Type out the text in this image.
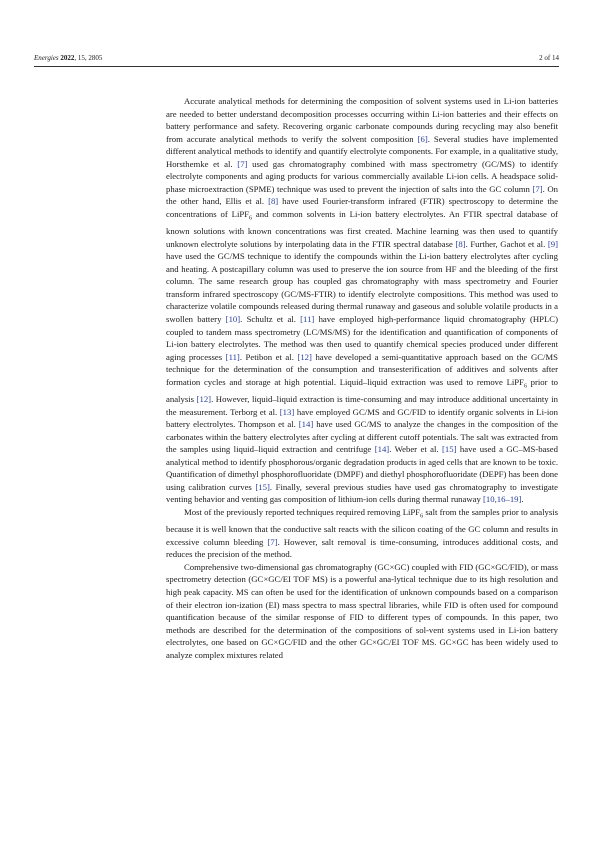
Energies 2022, 15, 2805	2 of 14

Accurate analytical methods for determining the composition of solvent systems used in Li-ion batteries are needed to better understand decomposition processes occurring within Li-ion batteries and their effects on battery performance and safety. Recovering organic carbonate compounds during recycling may also benefit from accurate analytical methods to verify the solvent composition [6]. Several studies have implemented different analytical methods to identify and quantify electrolyte components. For example, in a qualitative study, Horsthemke et al. [7] used gas chromatography combined with mass spectrometry (GC/MS) to identify electrolyte components and aging products for various commercially available Li-ion cells. A headspace solid-phase microextraction (SPME) technique was used to prevent the injection of salts into the GC column [7]. On the other hand, Ellis et al. [8] have used Fourier-transform infrared (FTIR) spectroscopy to determine the concentrations of LiPF$_6$ and common solvents in Li-ion battery electrolytes. An FTIR spectral database of known solutions with known concentrations was first created. Machine learning was then used to quantify unknown electrolyte solutions by interpolating data in the FTIR spectral database [8]. Further, Gachot et al. [9] have used the GC/MS technique to identify the compounds within the Li-ion battery electrolytes after cycling and heating. A postcapillary column was used to preserve the ion source from HF and the bleeding of the first column. The same research group has coupled gas chromatography with mass spectrometry and Fourier transform infrared spectroscopy (GC/MS-FTIR) to identify electrolyte compositions. This method was used to characterize volatile compounds released during thermal runaway and gaseous and soluble volatile products in a swollen battery [10]. Schultz et al. [11] have employed high-performance liquid chromatography (HPLC) coupled to tandem mass spectrometry (LC/MS/MS) for the identification and quantification of components of Li-ion battery electrolytes. The method was then used to quantify chemical species produced under different aging processes [11]. Petibon et al. [12] have developed a semi-quantitative approach based on the GC/MS technique for the determination of the consumption and transesterification of additives and solvents after formation cycles and storage at high potential. Liquid–liquid extraction was used to remove LiPF$_6$ prior to analysis [12]. However, liquid–liquid extraction is time-consuming and may introduce additional uncertainty in the measurement. Terborg et al. [13] have employed GC/MS and GC/FID to identify organic solvents in Li-ion battery electrolytes. Thompson et al. [14] have used GC/MS to analyze the changes in the composition of the carbonates within the battery electrolytes after cycling at different cutoff potentials. The salt was extracted from the samples using liquid–liquid extraction and centrifuge [14]. Weber et al. [15] have used a GC–MS-based analytical method to identify phosphorous/organic degradation products in aged cells that are known to be toxic. Quantification of dimethyl phosphorofluoridate (DMPF) and diethyl phosphorofluoridate (DEPF) has been done using calibration curves [15]. Finally, several previous studies have used gas chromatography to investigate venting behavior and venting gas composition of lithium-ion cells during thermal runaway [10,16–19].

Most of the previously reported techniques required removing LiPF$_6$ salt from the samples prior to analysis because it is well known that the conductive salt reacts with the silicon coating of the GC column and results in excessive column bleeding [7]. However, salt removal is time-consuming, introduces additional costs, and reduces the precision of the method.

Comprehensive two-dimensional gas chromatography (GC×GC) coupled with FID (GC×GC/FID), or mass spectrometry detection (GC×GC/EI TOF MS) is a powerful ana-lytical technique due to its high resolution and high peak capacity. MS can often be used for the identification of unknown compounds based on a comparison of their electron ion-ization (EI) mass spectra to mass spectral libraries, while FID is often used for compound quantification because of the similar response of FID to different types of compounds. In this paper, two methods are described for the determination of the compositions of sol-vent systems used in Li-ion battery electrolytes, one based on GC×GC/FID and the other GC×GC/EI TOF MS. GC×GC has been widely used to analyze complex mixtures related
